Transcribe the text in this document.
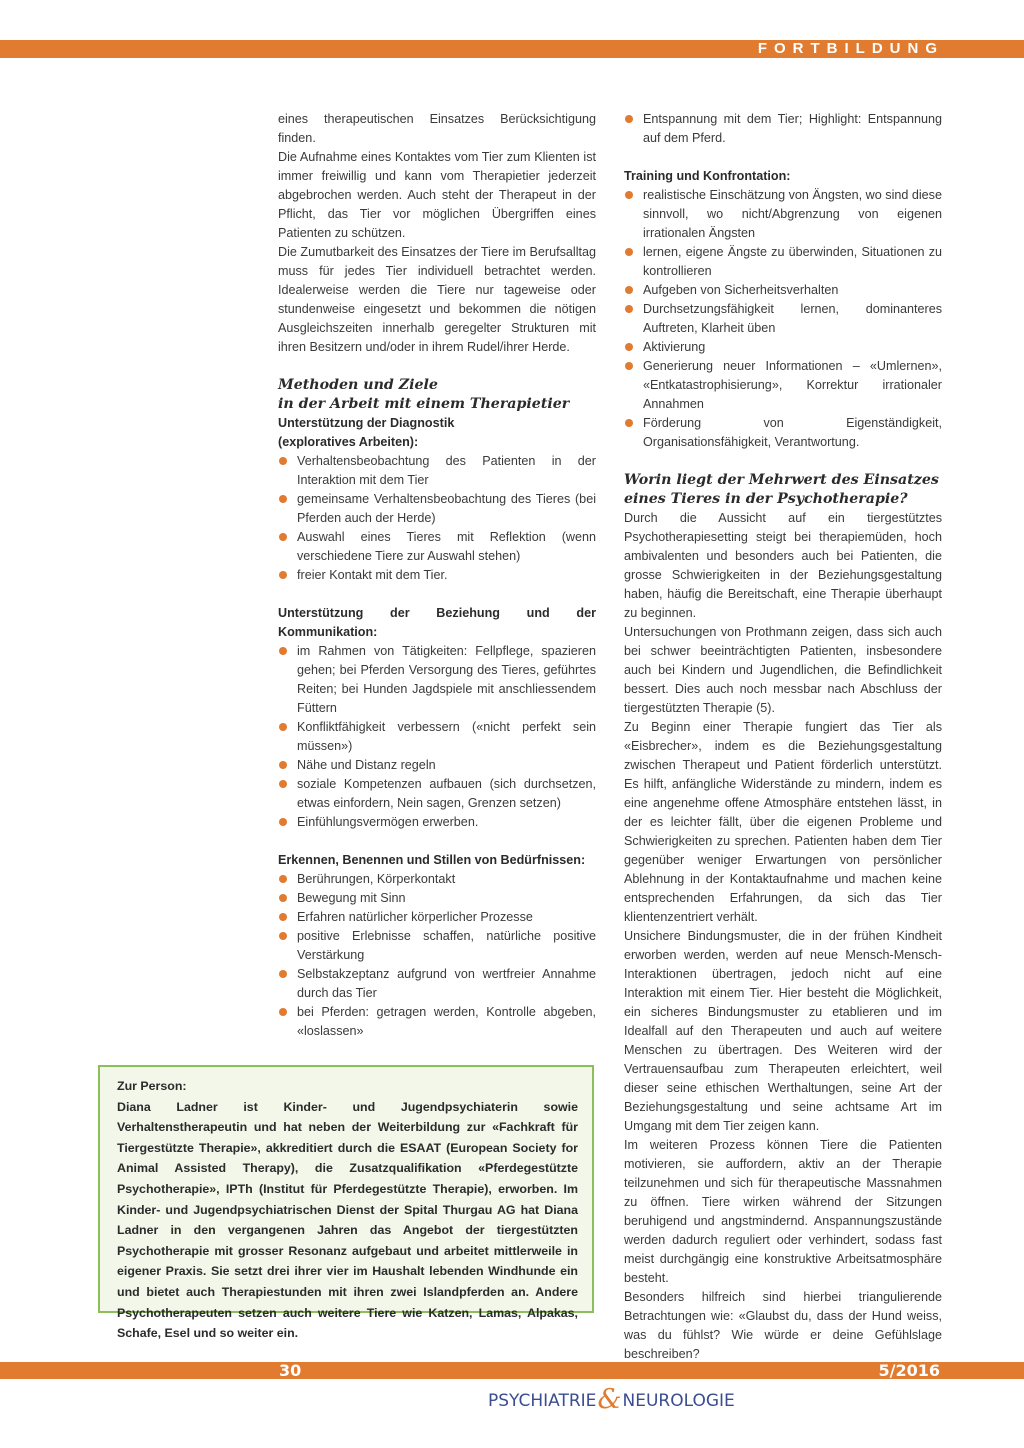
FORTBILDUNG

eines therapeutischen Einsatzes Berücksichtigung finden.

Die Aufnahme eines Kontaktes vom Tier zum Klienten ist immer freiwillig und kann vom Therapietier jederzeit abgebrochen werden. Auch steht der Therapeut in der Pflicht, das Tier vor möglichen Übergriffen eines Patienten zu schützen.

Die Zumutbarkeit des Einsatzes der Tiere im Berufsalltag muss für jedes Tier individuell betrachtet werden. Idealerweise werden die Tiere nur tageweise oder stundenweise eingesetzt und bekommen die nötigen Ausgleichszeiten innerhalb geregelter Strukturen mit ihren Besitzern und/oder in ihrem Rudel/ihrer Herde.

Methoden und Ziele
in der Arbeit mit einem Therapietier

Unterstützung der Diagnostik
(exploratives Arbeiten):

Verhaltensbeobachtung des Patienten in der Interaktion mit dem Tier
gemeinsame Verhaltensbeobachtung des Tieres (bei Pferden auch der Herde)
Auswahl eines Tieres mit Reflektion (wenn verschiedene Tiere zur Auswahl stehen)
freier Kontakt mit dem Tier.

Unterstützung der Beziehung und der Kommunikation:

im Rahmen von Tätigkeiten: Fellpflege, spazieren gehen; bei Pferden Versorgung des Tieres, geführtes Reiten; bei Hunden Jagdspiele mit anschliessendem Füttern
Konfliktfähigkeit verbessern («nicht perfekt sein müssen»)
Nähe und Distanz regeln
soziale Kompetenzen aufbauen (sich durchsetzen, etwas einfordern, Nein sagen, Grenzen setzen)
Einfühlungsvermögen erwerben.

Erkennen, Benennen und Stillen von Bedürfnissen:

Berührungen, Körperkontakt
Bewegung mit Sinn
Erfahren natürlicher körperlicher Prozesse
positive Erlebnisse schaffen, natürliche positive Verstärkung
Selbstakzeptanz aufgrund von wertfreier Annahme durch das Tier
bei Pferden: getragen werden, Kontrolle abgeben, «loslassen»
Entspannung mit dem Tier; Highlight: Entspannung auf dem Pferd.

Training und Konfrontation:

realistische Einschätzung von Ängsten, wo sind diese sinnvoll, wo nicht/Abgrenzung von eigenen irrationalen Ängsten
lernen, eigene Ängste zu überwinden, Situationen zu kontrollieren
Aufgeben von Sicherheitsverhalten
Durchsetzungsfähigkeit lernen, dominanteres Auftreten, Klarheit üben
Aktivierung
Generierung neuer Informationen – «Umlernen», «Entkatastrophisierung», Korrektur irrationaler Annahmen
Förderung von Eigenständigkeit, Organisationsfähigkeit, Verantwortung.
Worin liegt der Mehrwert des Einsatzes
eines Tieres in der Psychotherapie?

Durch die Aussicht auf ein tiergestütztes Psychotherapiesetting steigt bei therapiemüden, hoch ambivalenten und besonders auch bei Patienten, die grosse Schwierigkeiten in der Beziehungsgestaltung haben, häufig die Bereitschaft, eine Therapie überhaupt zu beginnen.

Untersuchungen von Prothmann zeigen, dass sich auch bei schwer beeinträchtigten Patienten, insbesondere auch bei Kindern und Jugendlichen, die Befindlichkeit bessert. Dies auch noch messbar nach Abschluss der tiergestützten Therapie (5).

Zu Beginn einer Therapie fungiert das Tier als «Eisbrecher», indem es die Beziehungsgestaltung zwischen Therapeut und Patient förderlich unterstützt. Es hilft, anfängliche Widerstände zu mindern, indem es eine angenehme offene Atmosphäre entstehen lässt, in der es leichter fällt, über die eigenen Probleme und Schwierigkeiten zu sprechen. Patienten haben dem Tier gegenüber weniger Erwartungen von persönlicher Ablehnung in der Kontaktaufnahme und machen keine entsprechenden Erfahrungen, da sich das Tier klientenzentriert verhält.

Unsichere Bindungsmuster, die in der frühen Kindheit erworben werden, werden auf neue Mensch-Mensch-Interaktionen übertragen, jedoch nicht auf eine Interaktion mit einem Tier. Hier besteht die Möglichkeit, ein sicheres Bindungsmuster zu etablieren und im Idealfall auf den Therapeuten und auch auf weitere Menschen zu übertragen. Des Weiteren wird der Vertrauensaufbau zum Therapeuten erleichtert, weil dieser seine ethischen Werthaltungen, seine Art der Beziehungsgestaltung und seine achtsame Art im Umgang mit dem Tier zeigen kann.

Im weiteren Prozess können Tiere die Patienten motivieren, sie auffordern, aktiv an der Therapie teilzunehmen und sich für therapeutische Massnahmen zu öffnen. Tiere wirken während der Sitzungen beruhigend und angstmindernd. Anspannungszustände werden dadurch reguliert oder verhindert, sodass fast meist durchgängig eine konstruktive Arbeitsatmosphäre besteht.

Besonders hilfreich sind hierbei triangulierende Betrachtungen wie: «Glaubst du, dass der Hund weiss, was du fühlst? Wie würde er deine Gefühlslage beschreiben?

Zur Person:

Diana Ladner ist Kinder- und Jugendpsychiaterin sowie Verhaltenstherapeutin und hat neben der Weiterbildung zur «Fachkraft für Tiergestützte Therapie», akkreditiert durch die ESAAT (European Society for Animal Assisted Therapy), die Zusatzqualifikation «Pferdegestützte Psychotherapie», IPTh (Institut für Pferdegestützte Therapie), erworben. Im Kinder- und Jugendpsychiatrischen Dienst der Spital Thurgau AG hat Diana Ladner in den vergangenen Jahren das Angebot der tiergestützten Psychotherapie mit grosser Resonanz aufgebaut und arbeitet mittlerweile in eigener Praxis. Sie setzt drei ihrer vier im Haushalt lebenden Windhunde ein und bietet auch Therapiestunden mit ihren zwei Islandpferden an. Andere Psychotherapeuten setzen auch weitere Tiere wie Katzen, Lamas, Alpakas, Schafe, Esel und so weiter ein.

30	5/2016
PSYCHIATRIE&NEUROLOGIE
